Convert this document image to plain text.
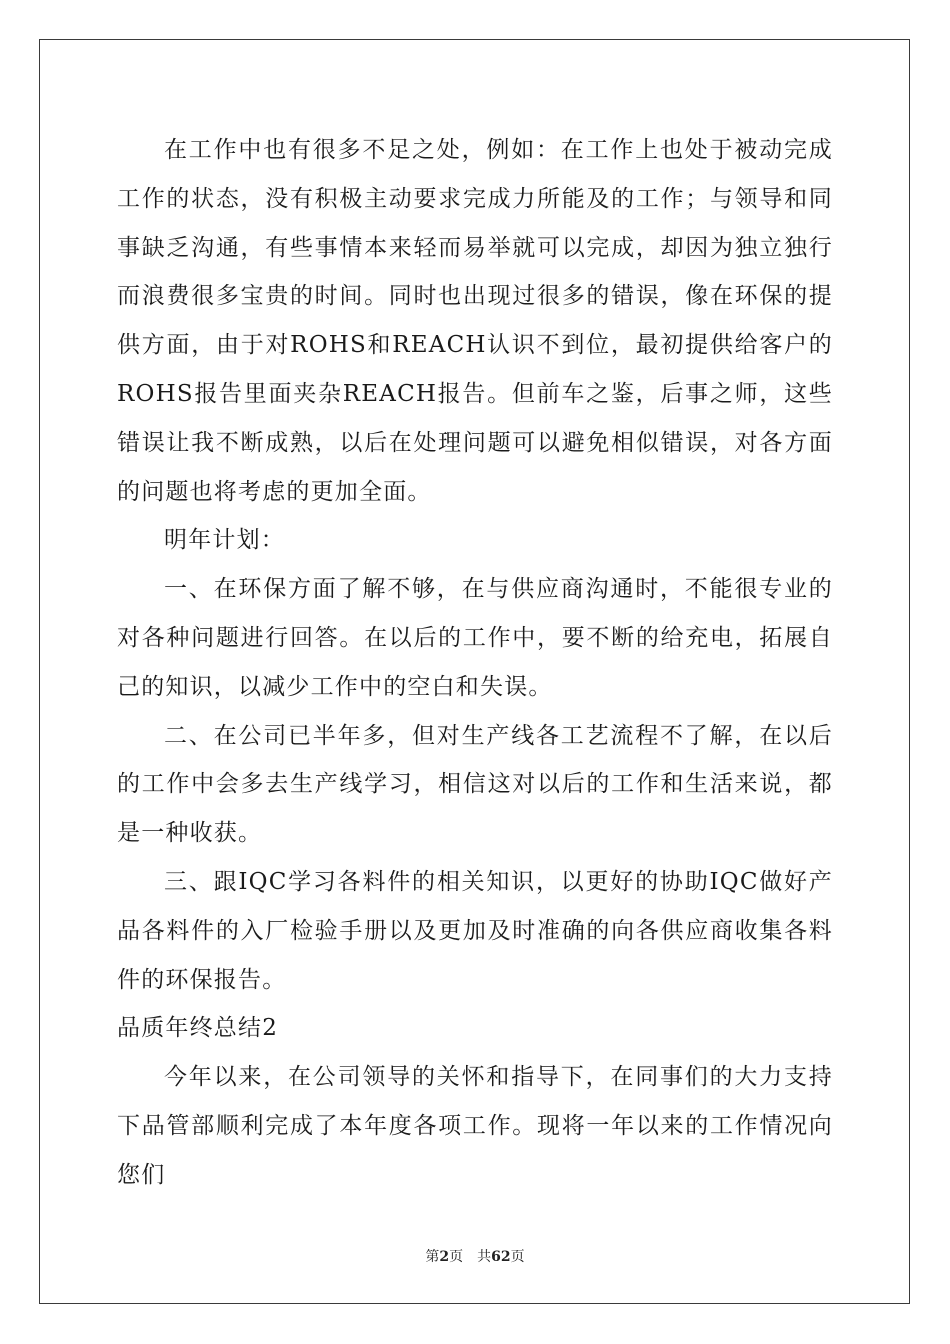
在工作中也有很多不足之处，例如：在工作上也处于被动完成工作的状态，没有积极主动要求完成力所能及的工作；与领导和同事缺乏沟通，有些事情本来轻而易举就可以完成，却因为独立独行而浪费很多宝贵的时间。同时也出现过很多的错误，像在环保的提供方面，由于对ROHS和REACH认识不到位，最初提供给客户的ROHS报告里面夹杂REACH报告。但前车之鉴，后事之师，这些错误让我不断成熟，以后在处理问题可以避免相似错误，对各方面的问题也将考虑的更加全面。

明年计划：

一、在环保方面了解不够，在与供应商沟通时，不能很专业的对各种问题进行回答。在以后的工作中，要不断的给充电，拓展自己的知识，以减少工作中的空白和失误。

二、在公司已半年多，但对生产线各工艺流程不了解，在以后的工作中会多去生产线学习，相信这对以后的工作和生活来说，都是一种收获。

三、跟IQC学习各料件的相关知识，以更好的协助IQC做好产品各料件的入厂检验手册以及更加及时准确的向各供应商收集各料件的环保报告。

品质年终总结2

今年以来，在公司领导的关怀和指导下，在同事们的大力支持下品管部顺利完成了本年度各项工作。现将一年以来的工作情况向您们

第2页 共62页
